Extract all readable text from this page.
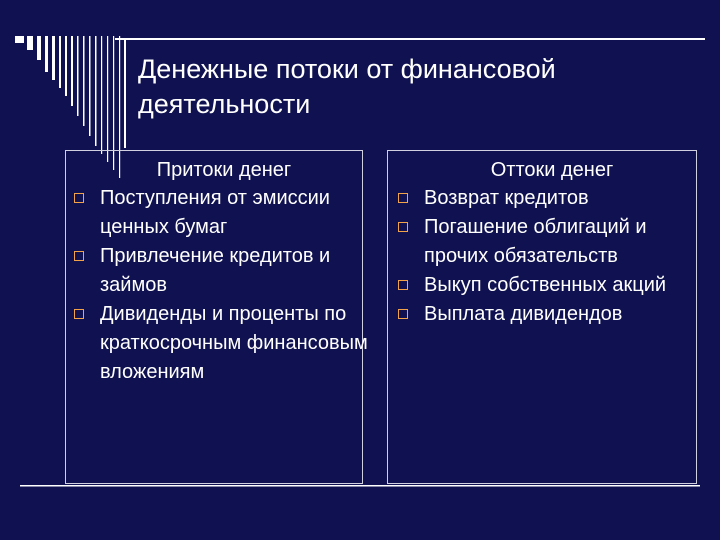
Денежные потоки от финансовой
деятельности
Притоки денег
Поступления от эмиссии ценных бумаг
Привлечение кредитов и займов
Дивиденды и проценты по краткосрочным финансовым вложениям
Оттоки денег
Возврат кредитов
Погашение облигаций и прочих обязательств
Выкуп собственных акций
Выплата дивидендов
